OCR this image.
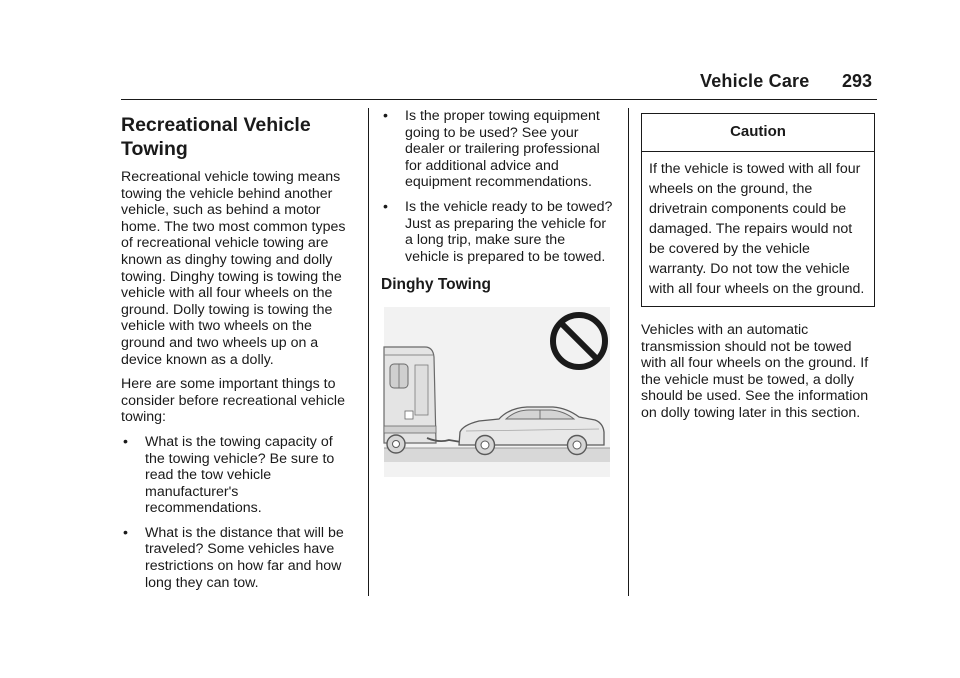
Vehicle Care 293
Recreational Vehicle Towing

Recreational vehicle towing means towing the vehicle behind another vehicle, such as behind a motor home. The two most common types of recreational vehicle towing are known as dinghy towing and dolly towing. Dinghy towing is towing the vehicle with all four wheels on the ground. Dolly towing is towing the vehicle with two wheels on the ground and two wheels up on a device known as a dolly.

Here are some important things to consider before recreational vehicle towing:

•	What is the towing capacity of the towing vehicle? Be sure to read the tow vehicle manufacturer's recommendations.
•	What is the distance that will be traveled? Some vehicles have restrictions on how far and how long they can tow.
•	Is the proper towing equipment going to be used? See your dealer or trailering professional for additional advice and equipment recommendations.
•	Is the vehicle ready to be towed? Just as preparing the vehicle for a long trip, make sure the vehicle is prepared to be towed.
Dinghy Towing
Caution
If the vehicle is towed with all four wheels on the ground, the drivetrain components could be damaged. The repairs would not be covered by the vehicle warranty. Do not tow the vehicle with all four wheels on the ground.

Vehicles with an automatic transmission should not be towed with all four wheels on the ground. If the vehicle must be towed, a dolly should be used. See the information on dolly towing later in this section.
